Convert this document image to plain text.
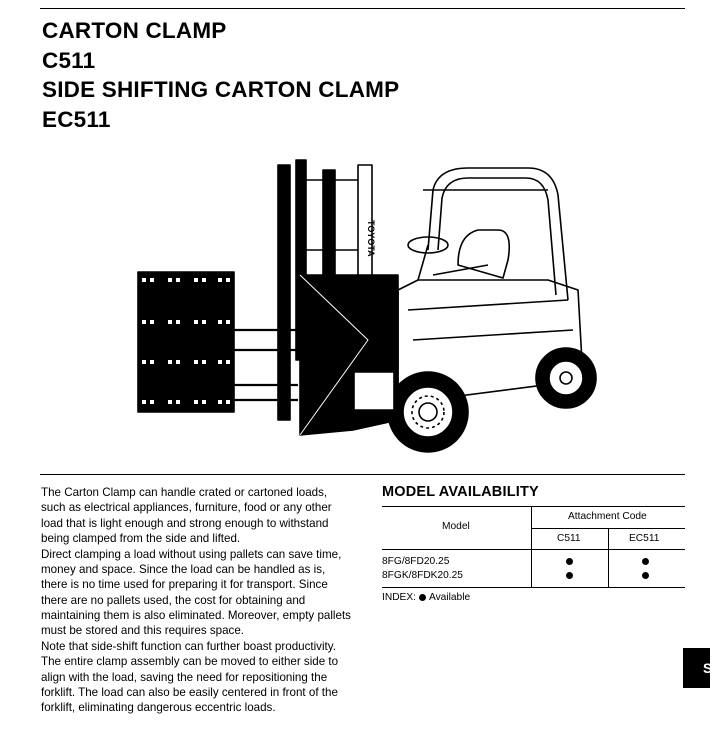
CARTON CLAMP
C511
SIDE SHIFTING CARTON CLAMP
EC511
TOYOTA

The Carton Clamp can handle crated or cartoned loads, such as electrical appliances, furniture, food or any other load that is light enough and strong enough to withstand being clamped from the side and lifted.

Direct clamping a load without using pallets can save time, money and space. Since the load can be handled as is, there is no time used for preparing it for transport. Since there are no pallets used, the cost for obtaining and maintaining them is also eliminated. Moreover, empty pallets must be stored and this requires space.

Note that side-shift function can further boast productivity. The entire clamp assembly can be moved to either side to align with the load, saving the need for repositioning the forklift. The load can also be easily centered in front of the forklift, eliminating dangerous eccentric loads.

MODEL AVAILABILITY
Model
Attachment Code
C511	EC511
8FG/8FD20.25
8FGK/8FDK20.25
INDEX: Available
S
